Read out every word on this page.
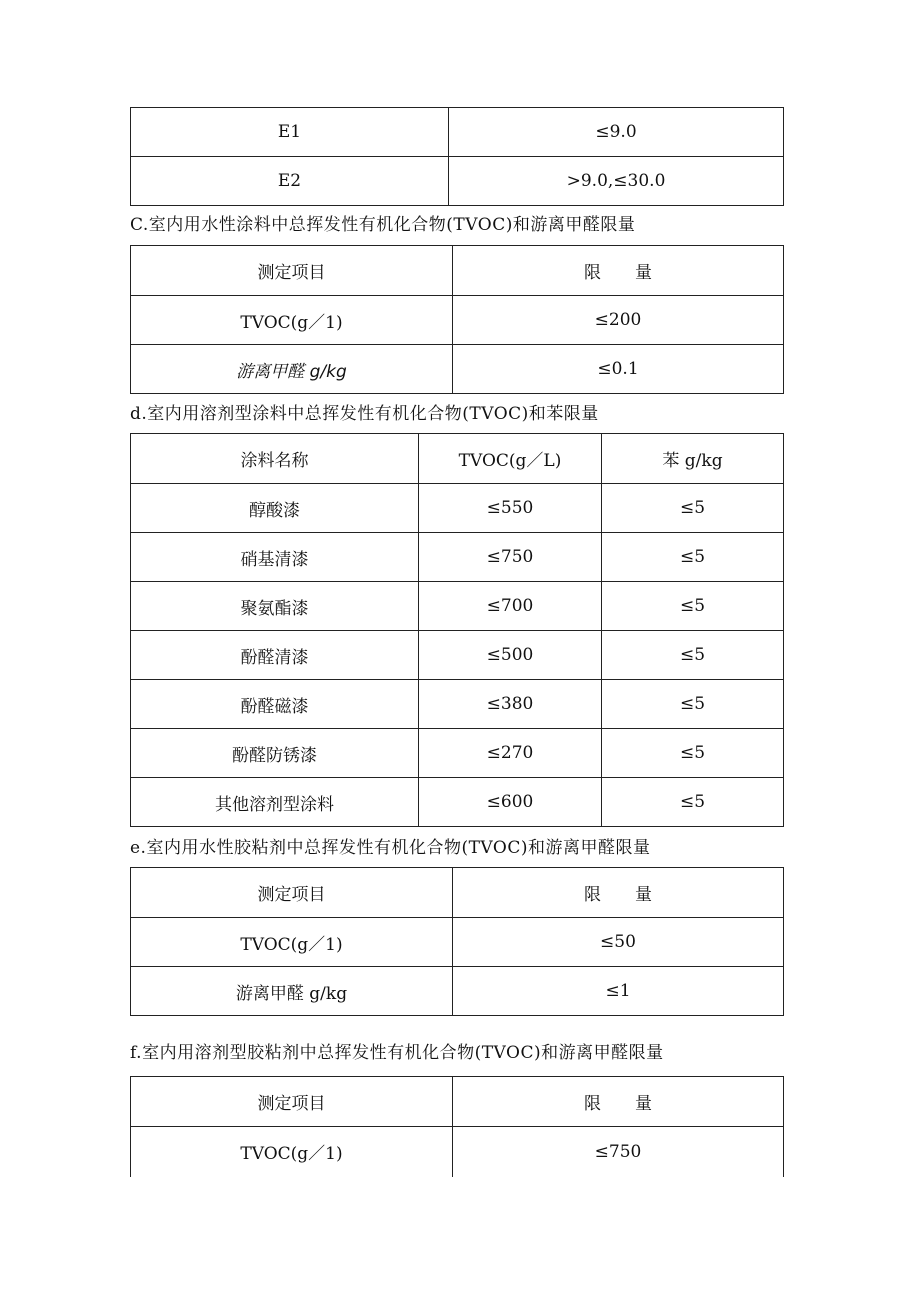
E1	≤9.0
E2	>9.0,≤30.0
C.室内用水性涂料中总挥发性有机化合物(TVOC)和游离甲醛限量
测定项目	限　　量
TVOC(g／1)	≤200
游离甲醛 g/kg	≤0.1
d.室内用溶剂型涂料中总挥发性有机化合物(TVOC)和苯限量
涂料名称	TVOC(g／L)	苯 g/kg
醇酸漆	≤550	≤5
硝基清漆	≤750	≤5
聚氨酯漆	≤700	≤5
酚醛清漆	≤500	≤5
酚醛磁漆	≤380	≤5
酚醛防锈漆	≤270	≤5
其他溶剂型涂料	≤600	≤5
e.室内用水性胶粘剂中总挥发性有机化合物(TVOC)和游离甲醛限量
测定项目	限　　量
TVOC(g／1)	≤50
游离甲醛 g/kg	≤1
f.室内用溶剂型胶粘剂中总挥发性有机化合物(TVOC)和游离甲醛限量
测定项目	限　　量
TVOC(g／1)	≤750
